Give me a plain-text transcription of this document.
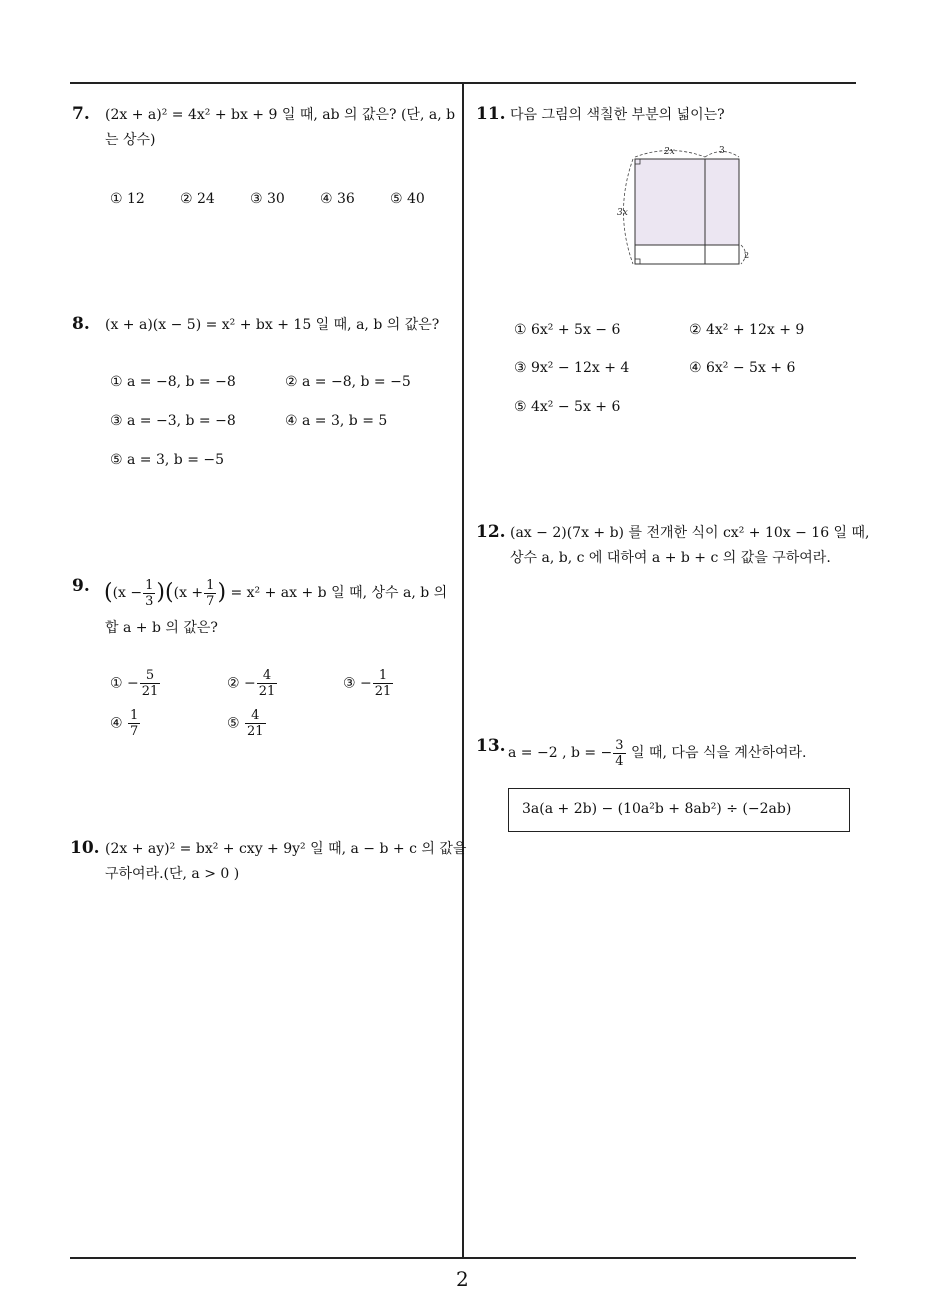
7. (2x + a)² = 4x² + bx + 9 일 때, ab 의 값은? (단, a, b
는 상수)
① 12	② 24	③ 30	④ 36	⑤ 40
8. (x + a)(x − 5) = x² + bx + 15 일 때, a, b 의 값은?
① a = −8, b = −8	② a = −8, b = −5
③ a = −3, b = −8	④ a = 3, b = 5
⑤ a = 3, b = −5
9. ($(x - \frac{1}{3} )((x + \frac{1}{7}$ ) = x² + ax + b 일 때, 상수 a, b 의
합 a + b 의 값은?
① − $\frac{5}{21}$	② − $\frac{4}{21}$	③ − $\frac{1}{21}$
④ $\frac{1}{7}$	⑤ $\frac{4}{21}$
10. (2x + ay)² = bx² + cxy + 9y² 일 때, a − b + c 의 값을
구하여라.(단, a > 0 )
11. 다음 그림의 색칠한 부분의 넓이는?
2x	3
3x
2
① 6x² + 5x − 6	② 4x² + 12x + 9
③ 9x² − 12x + 4	④ 6x² − 5x + 6
⑤ 4x² − 5x + 6
12. (ax − 2)(7x + b) 를 전개한 식이 cx² + 10x − 16 일 때,
상수 a, b, c 에 대하여 a + b + c 의 값을 구하여라.
13. a = −2 , b = − $\frac{3}{4}$ 일 때, 다음 식을 계산하여라.
3a(a + 2b) − (10a²b + 8ab²) ÷ (−2ab)
2
